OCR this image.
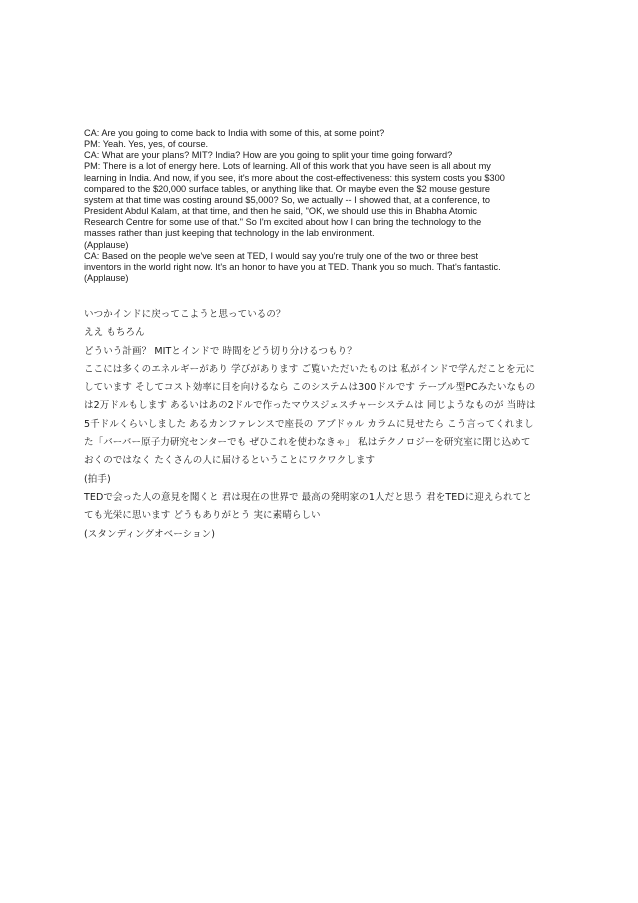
CA: Are you going to come back to India with some of this, at some point?
PM: Yeah. Yes, yes, of course.
CA: What are your plans? MIT? India? How are you going to split your time going forward?
PM: There is a lot of energy here. Lots of learning. All of this work that you have seen is all about my
learning in India. And now, if you see, it's more about the cost-effectiveness: this system costs you $300
compared to the $20,000 surface tables, or anything like that. Or maybe even the $2 mouse gesture
system at that time was costing around $5,000? So, we actually -- I showed that, at a conference, to
President Abdul Kalam, at that time, and then he said, "OK, we should use this in Bhabha Atomic
Research Centre for some use of that." So I'm excited about how I can bring the technology to the
masses rather than just keeping that technology in the lab environment.
(Applause)
CA: Based on the people we've seen at TED, I would say you're truly one of the two or three best
inventors in the world right now. It's an honor to have you at TED. Thank you so much. That's fantastic.
(Applause)
いつかインドに戻ってこようと思っているの？
ええ もちろん
どういう計画？ MITとインドで 時間をどう切り分けるつもり？
ここには多くのエネルギーがあり 学びがあります ご覧いただいたものは 私がインドで学んだことを元に
しています そしてコスト効率に目を向けるなら このシステムは300ドルです テーブル型PCみたいなもの
は2万ドルもします あるいはあの2ドルで作ったマウスジェスチャーシステムは 同じようなものが 当時は
5千ドルくらいしました あるカンファレンスで座長の アブドゥル カラムに見せたら こう言ってくれまし
た「バーバー原子力研究センターでも ぜひこれを使わなきゃ」 私はテクノロジーを研究室に閉じ込めて
おくのではなく たくさんの人に届けるということにワクワクします
(拍手)
TEDで会った人の意見を聞くと 君は現在の世界で 最高の発明家の1人だと思う 君をTEDに迎えられてと
ても光栄に思います どうもありがとう 実に素晴らしい
(スタンディングオベーション)
